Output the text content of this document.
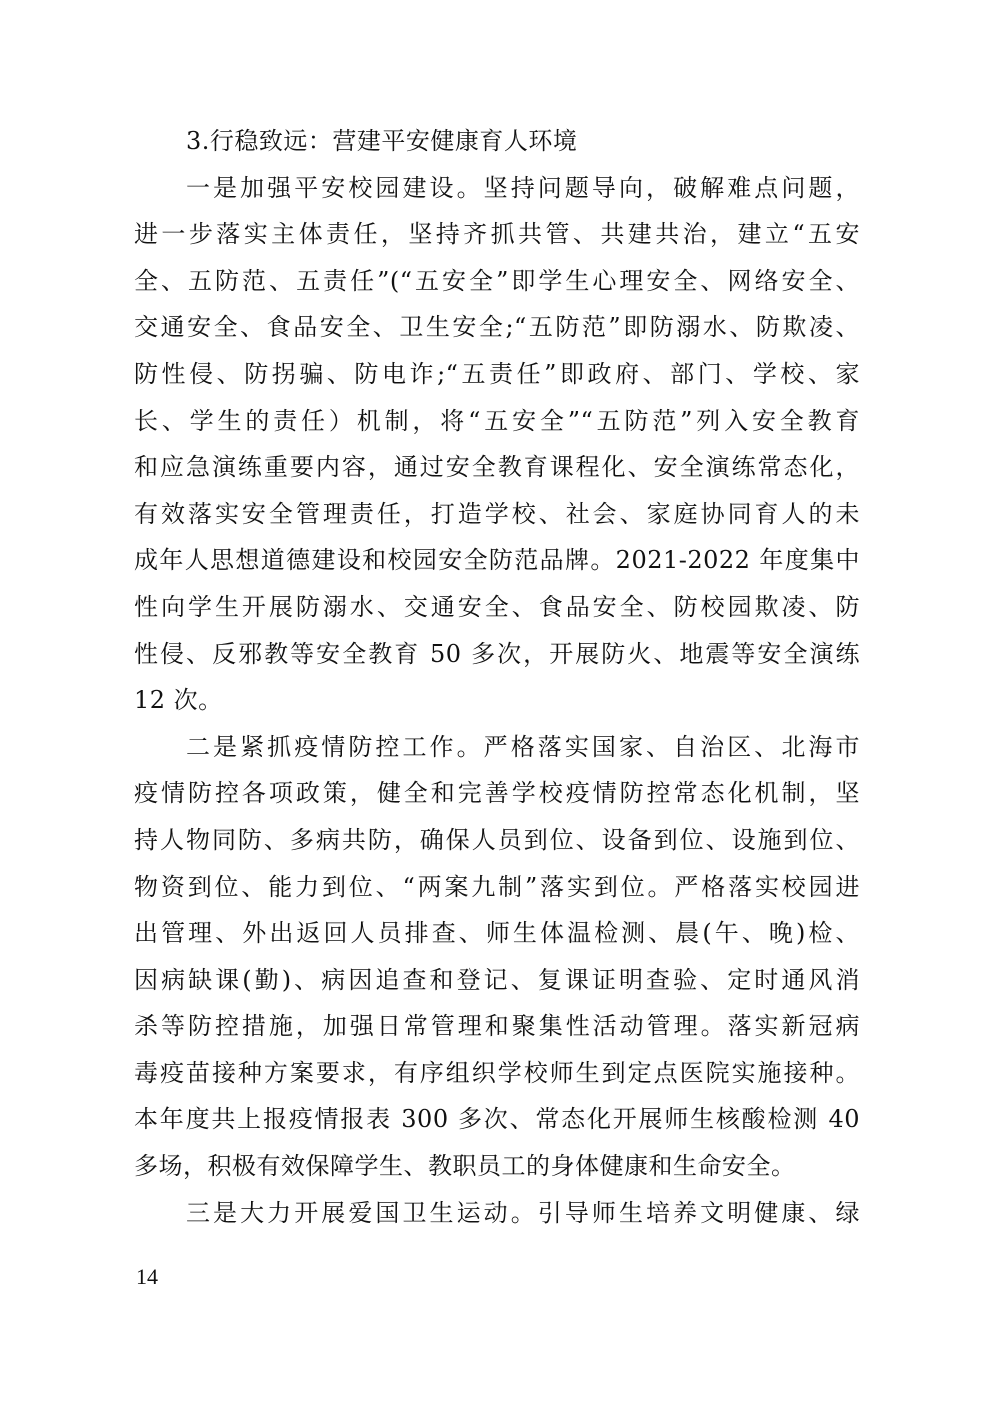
3.行稳致远：营建平安健康育人环境
一是加强平安校园建设。坚持问题导向，破解难点问题，
进一步落实主体责任，坚持齐抓共管、共建共治，建立“五安
全、五防范、五责任”(“五安全”即学生心理安全、网络安全、
交通安全、食品安全、卫生安全;“五防范”即防溺水、防欺凌、
防性侵、防拐骗、防电诈;“五责任”即政府、部门、学校、家
长、学生的责任）机制，将“五安全”“五防范”列入安全教育
和应急演练重要内容，通过安全教育课程化、安全演练常态化，
有效落实安全管理责任，打造学校、社会、家庭协同育人的未
成年人思想道德建设和校园安全防范品牌。2021-2022 年度集中
性向学生开展防溺水、交通安全、食品安全、防校园欺凌、防
性侵、反邪教等安全教育 50 多次，开展防火、地震等安全演练
12 次。
二是紧抓疫情防控工作。严格落实国家、自治区、北海市
疫情防控各项政策，健全和完善学校疫情防控常态化机制，坚
持人物同防、多病共防，确保人员到位、设备到位、设施到位、
物资到位、能力到位、“两案九制”落实到位。严格落实校园进
出管理、外出返回人员排查、师生体温检测、晨(午、晚)检、
因病缺课(勤)、病因追查和登记、复课证明查验、定时通风消
杀等防控措施，加强日常管理和聚集性活动管理。落实新冠病
毒疫苗接种方案要求，有序组织学校师生到定点医院实施接种。
本年度共上报疫情报表 300 多次、常态化开展师生核酸检测 40
多场，积极有效保障学生、教职员工的身体健康和生命安全。
三是大力开展爱国卫生运动。引导师生培养文明健康、绿
14
